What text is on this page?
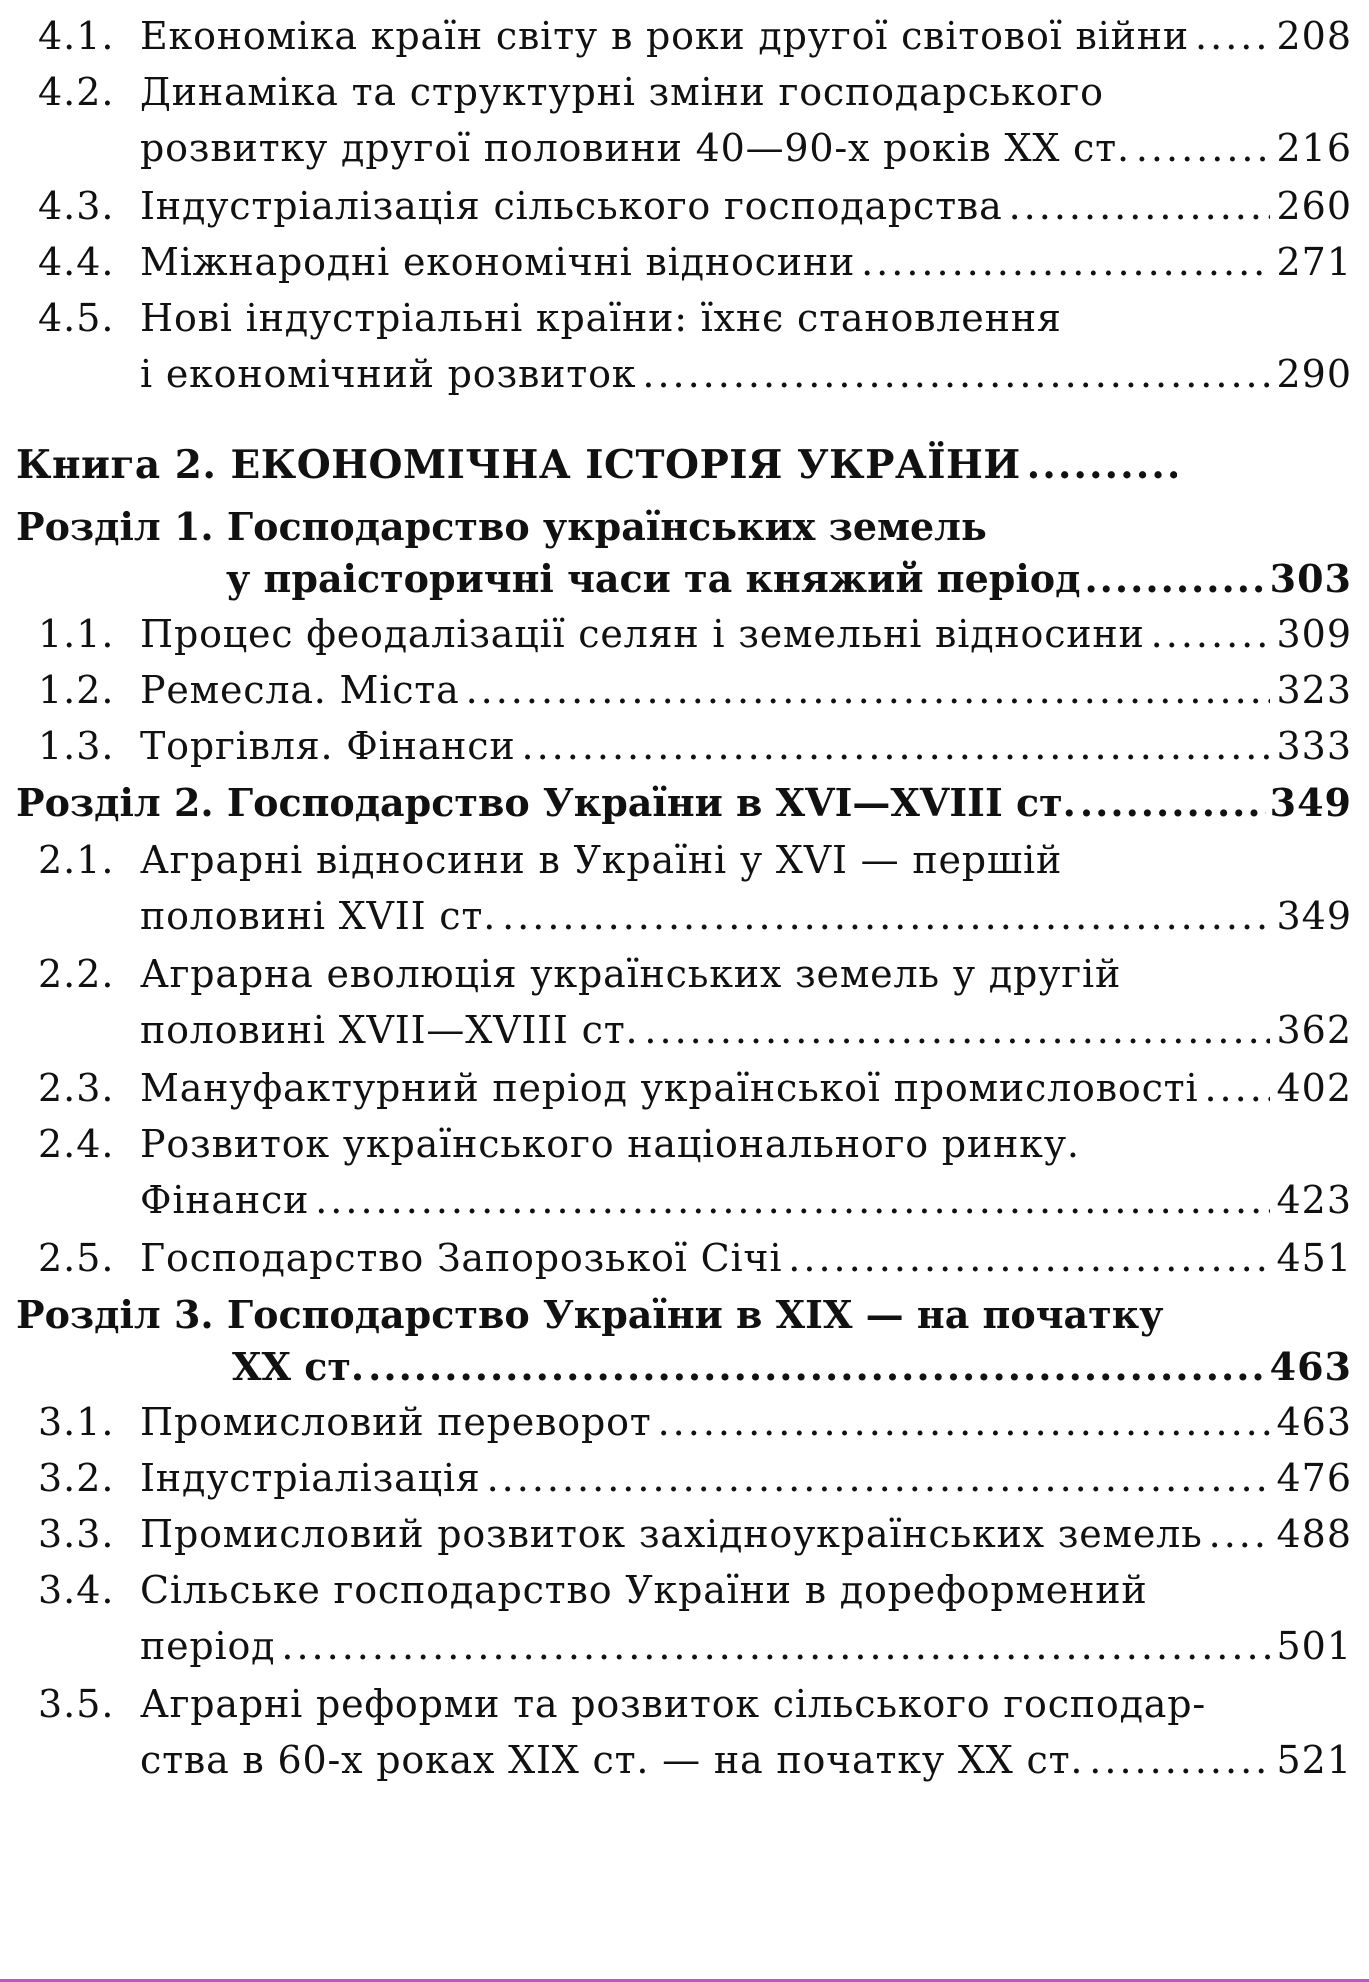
4.1. Економіка країн світу в роки другої світової війни ..... 208
4.2. Динаміка та структурні зміни господарського
розвитку другої половини 40—90-х років XX ст. .....	216
4.3. Індустріалізація сільського господарства .....	260
4.4. Міжнародні економічні відносини .....	271
4.5. Нові індустріальні країни: їхнє становлення
і економічний розвиток .....	290
Книга 2. ЕКОНОМІЧНА ІСТОРІЯ УКРАЇНИ
.....
Розділ 1. Господарство українських земель
у праісторичні часи та княжий період .....	303
1.1. Процес феодалізації селян і земельні відносини .....	309
1.2. Ремесла. Міста .....	323
1.3. Торгівля. Фінанси .....	333
Розділ 2. Господарство України в XVI—XVIII ст. .....	349
2.1. Аграрні відносини в Україні у XVI — першій
половині XVII ст. .....	349
2.2. Аграрна еволюція українських земель у другій
половині XVII—XVIII ст. .....	362
2.3. Мануфактурний період української промисловості ..... 402
2.4. Розвиток українського національного ринку.
Фінанси .....	423
2.5. Господарство Запорозької Січі .....	451
Розділ 3. Господарство України в XIX — на початку
XX ст. .....	463
3.1. Промисловий переворот .....	463
3.2. Індустріалізація .....	476
3.3. Промисловий розвиток західноукраїнських земель ..... 488
3.4. Сільське господарство України в дореформений
період .....	501
3.5. Аграрні реформи та розвиток сільського господар-
ства в 60-х роках XIX ст. — на початку XX ст. .....	521
